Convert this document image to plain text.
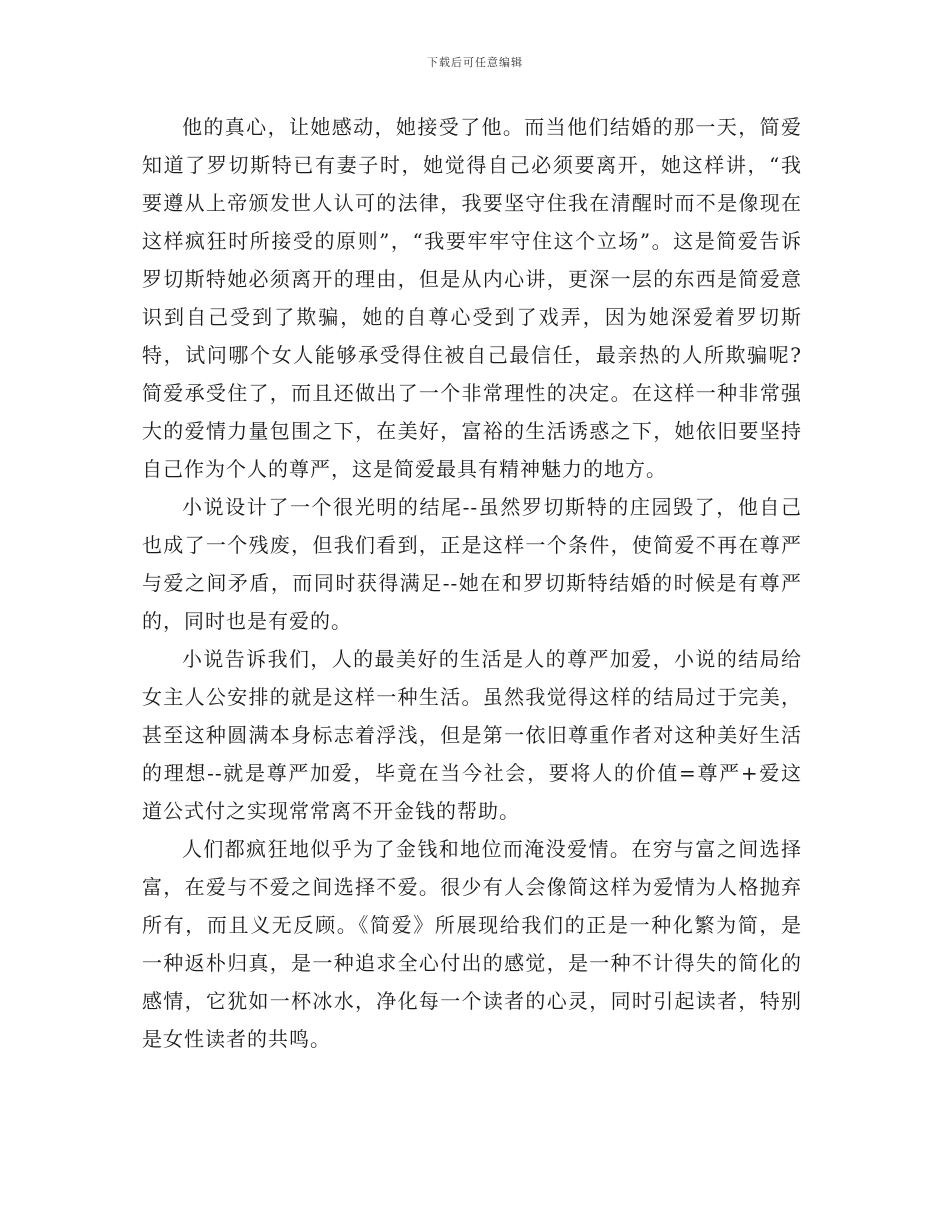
下载后可任意编辑

他的真心，让她感动，她接受了他。而当他们结婚的那一天，简爱知道了罗切斯特已有妻子时，她觉得自己必须要离开，她这样讲，“我要遵从上帝颁发世人认可的法律，我要坚守住我在清醒时而不是像现在这样疯狂时所接受的原则”，“我要牢牢守住这个立场”。这是简爱告诉罗切斯特她必须离开的理由，但是从内心讲，更深一层的东西是简爱意识到自己受到了欺骗，她的自尊心受到了戏弄，因为她深爱着罗切斯特，试问哪个女人能够承受得住被自己最信任，最亲热的人所欺骗呢?简爱承受住了，而且还做出了一个非常理性的决定。在这样一种非常强大的爱情力量包围之下，在美好，富裕的生活诱惑之下，她依旧要坚持自己作为个人的尊严，这是简爱最具有精神魅力的地方。

小说设计了一个很光明的结尾--虽然罗切斯特的庄园毁了，他自己也成了一个残废，但我们看到，正是这样一个条件，使简爱不再在尊严与爱之间矛盾，而同时获得满足--她在和罗切斯特结婚的时候是有尊严的，同时也是有爱的。

小说告诉我们，人的最美好的生活是人的尊严加爱，小说的结局给女主人公安排的就是这样一种生活。虽然我觉得这样的结局过于完美，甚至这种圆满本身标志着浮浅，但是第一依旧尊重作者对这种美好生活的理想--就是尊严加爱，毕竟在当今社会，要将人的价值=尊严+爱这道公式付之实现常常离不开金钱的帮助。

人们都疯狂地似乎为了金钱和地位而淹没爱情。在穷与富之间选择富，在爱与不爱之间选择不爱。很少有人会像简这样为爱情为人格抛弃所有，而且义无反顾。《简爱》所展现给我们的正是一种化繁为简，是一种返朴归真，是一种追求全心付出的感觉，是一种不计得失的简化的感情，它犹如一杯冰水，净化每一个读者的心灵，同时引起读者，特别是女性读者的共鸣。
